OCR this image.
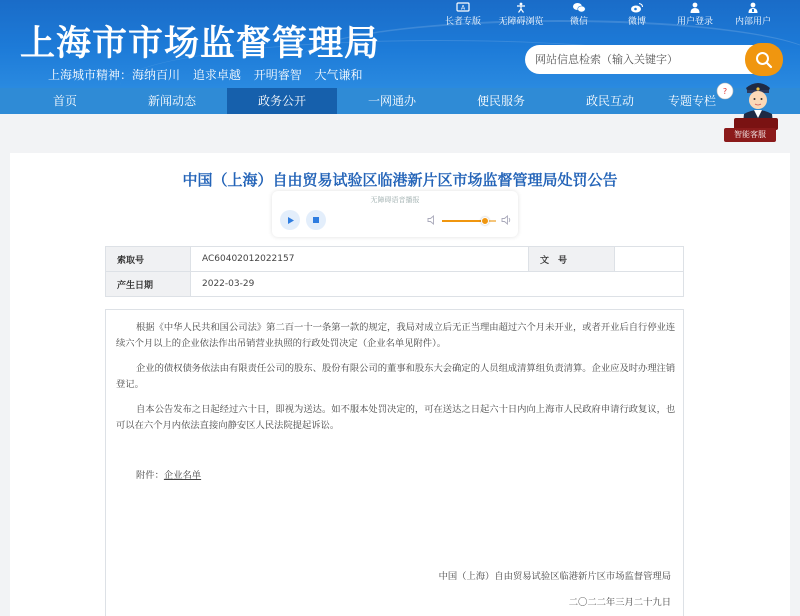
上海市市场监督管理局
上海城市精神：海纳百川 追求卓越 开明睿智 大气谦和
A
长者专版	无障碍浏览	微信	微博	用户登录	内部用户
网站信息检索（输入关键字）
首页	新闻动态	政务公开	一网通办	便民服务	政民互动	专题专栏
?
智能客服
中国（上海）自由贸易试验区临港新片区市场监督管理局处罚公告
无障碍语音播报
索取号	AC60402012022157	文　号	
产生日期	2022-03-29		
根据《中华人民共和国公司法》第二百一十一条第一款的规定，我局对成立后无正当理由超过六个月未开业，或者开业后自行停业连续六个月以上的企业依法作出吊销营业执照的行政处罚决定（企业名单见附件）。
企业的债权债务依法由有限责任公司的股东、股份有限公司的董事和股东大会确定的人员组成清算组负责清算。企业应及时办理注销登记。
自本公告发布之日起经过六十日，即视为送达。如不服本处罚决定的，可在送达之日起六十日内向上海市人民政府申请行政复议，也可以在六个月内依法直接向静安区人民法院提起诉讼。
附件：企业名单
中国（上海）自由贸易试验区临港新片区市场监督管理局
二〇二二年三月二十九日
